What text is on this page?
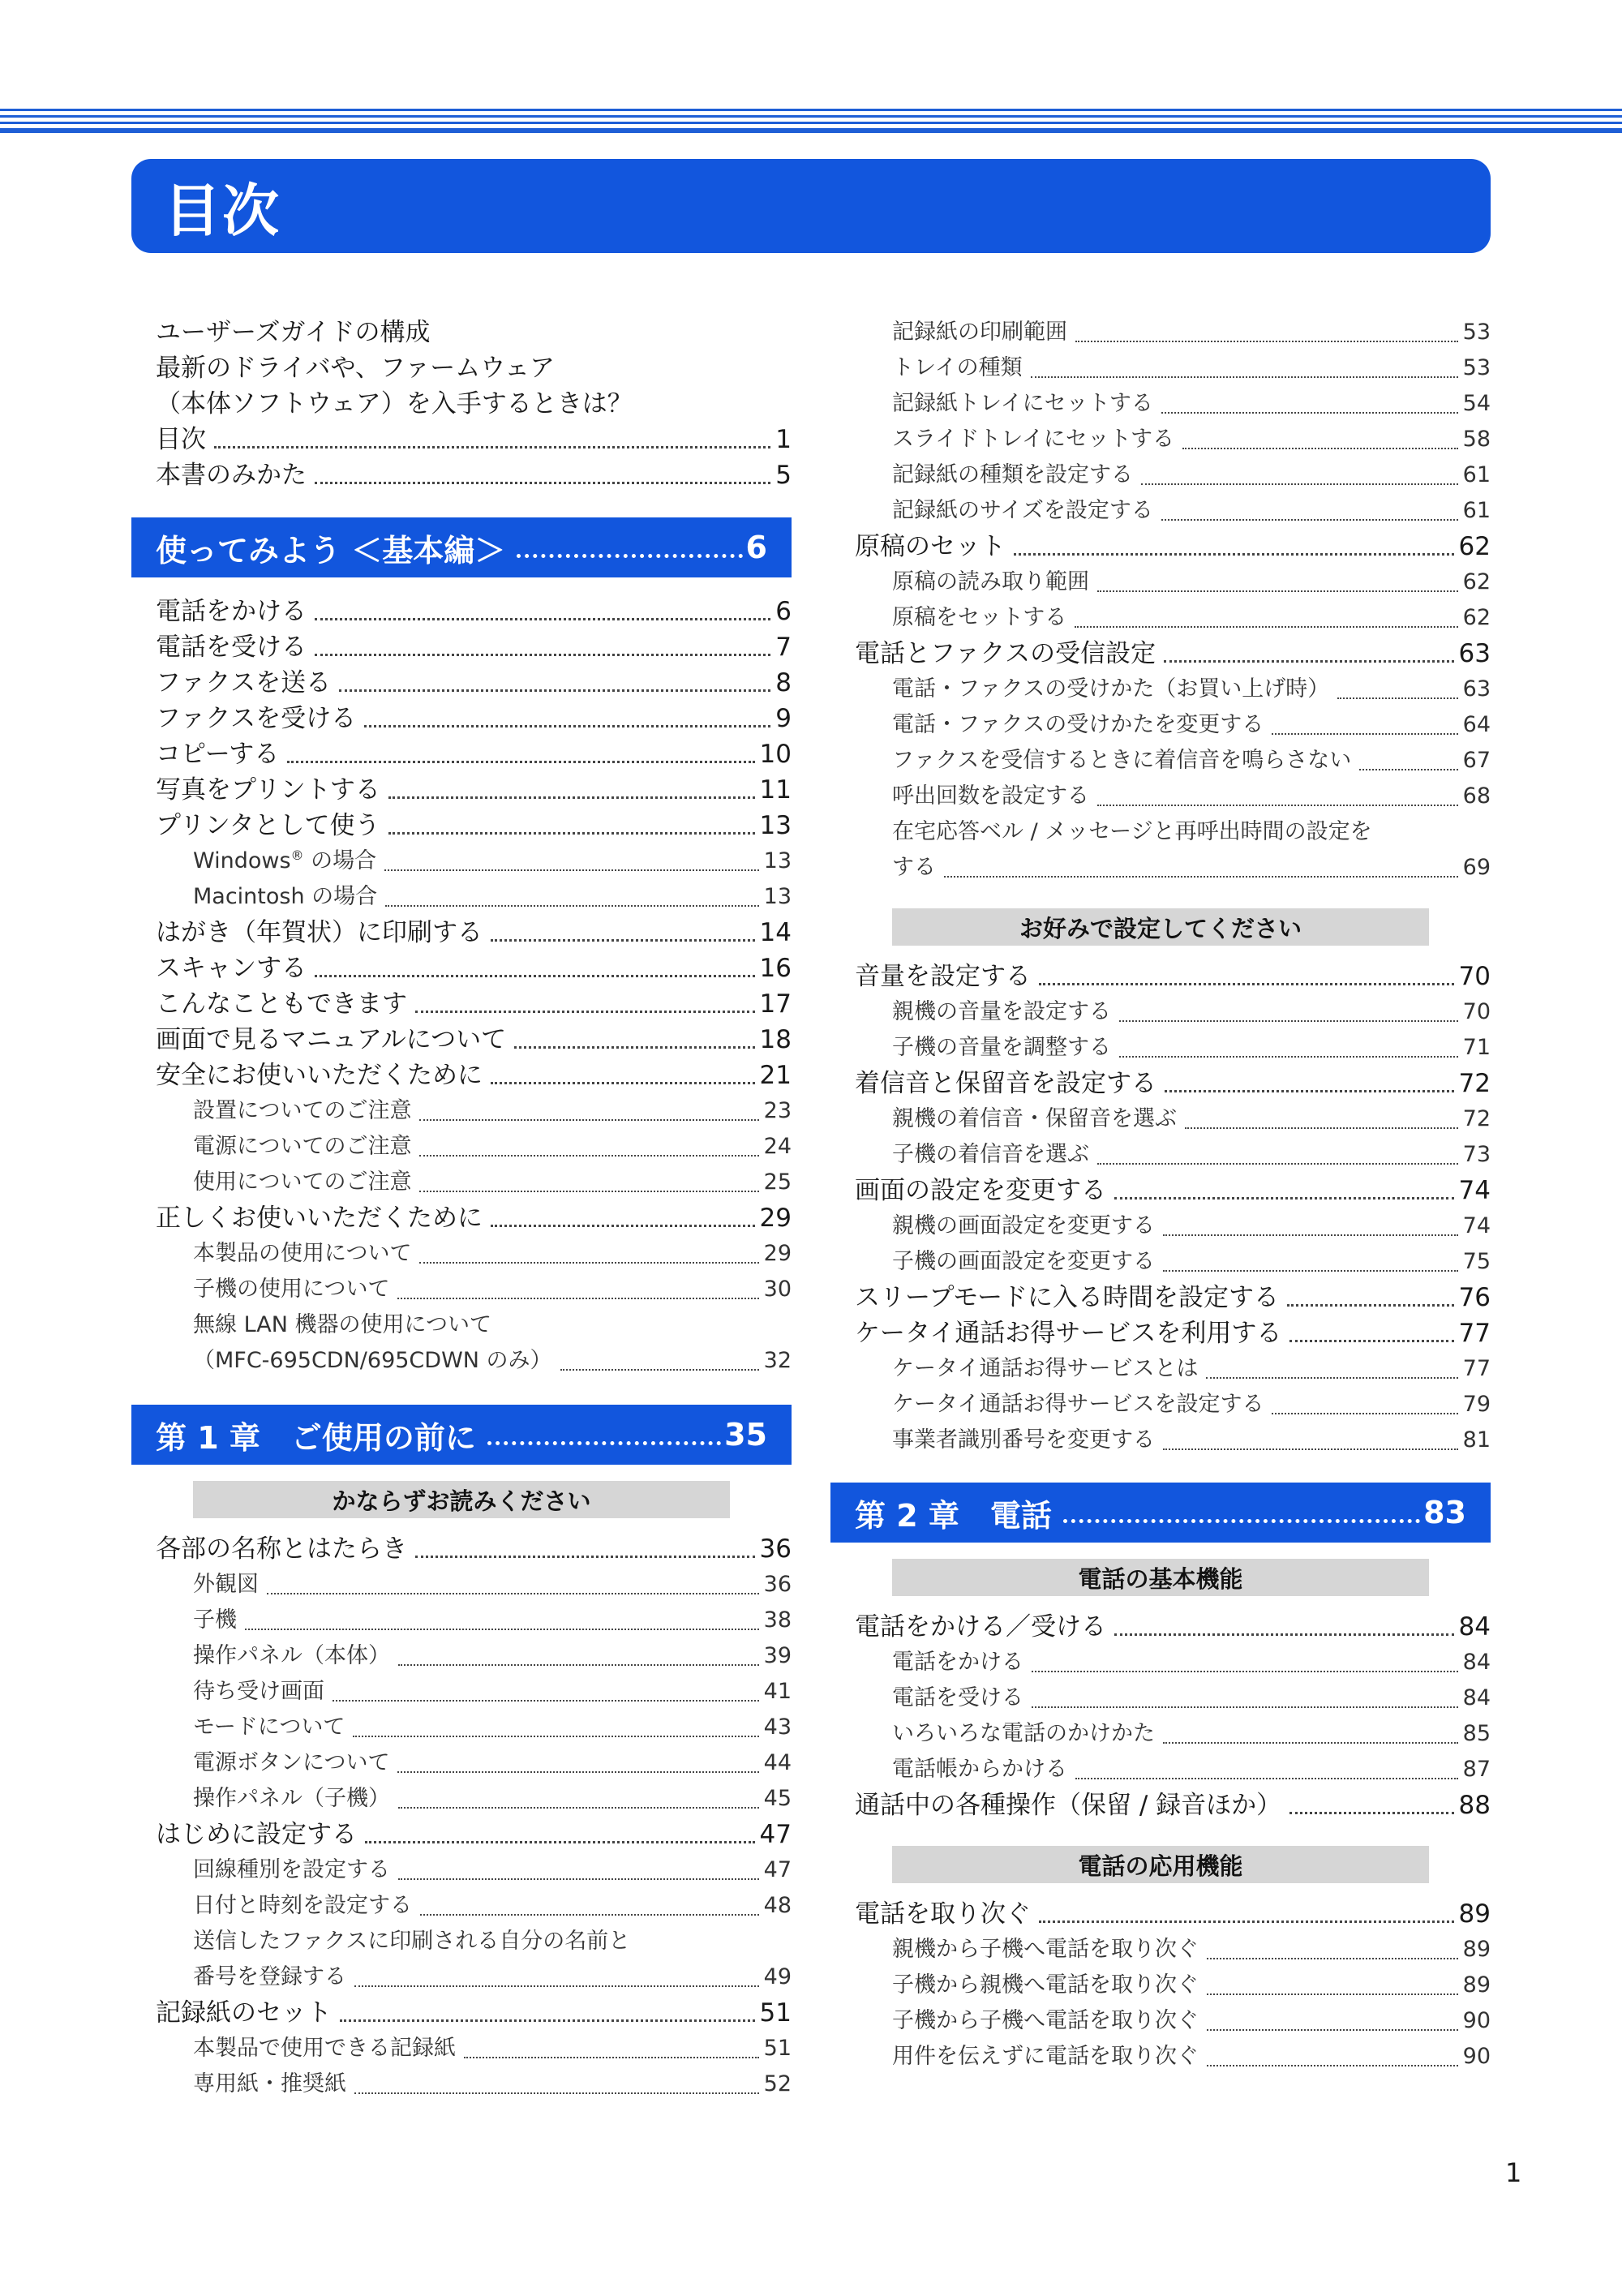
目次
ユーザーズガイドの構成
最新のドライバや、ファームウェア
（本体ソフトウェア）を入手するときは？
目次	1
本書のみかた	5
使ってみよう ＜基本編＞	6
電話をかける	6
電話を受ける	7
ファクスを送る	8
ファクスを受ける	9
コピーする	10
写真をプリントする	11
プリンタとして使う	13
Windows® の場合	13
Macintosh の場合	13
はがき（年賀状）に印刷する	14
スキャンする	16
こんなこともできます	17
画面で見るマニュアルについて	18
安全にお使いいただくために	21
設置についてのご注意	23
電源についてのご注意	24
使用についてのご注意	25
正しくお使いいただくために	29
本製品の使用について	29
子機の使用について	30
無線 LAN 機器の使用について
（MFC-695CDN/695CDWN のみ）	32
第 1 章　ご使用の前に	35
かならずお読みください
各部の名称とはたらき	36
外観図	36
子機	38
操作パネル（本体）	39
待ち受け画面	41
モードについて	43
電源ボタンについて	44
操作パネル（子機）	45
はじめに設定する	47
回線種別を設定する	47
日付と時刻を設定する	48
送信したファクスに印刷される自分の名前と
番号を登録する	49
記録紙のセット	51
本製品で使用できる記録紙	51
専用紙・推奨紙	52
記録紙の印刷範囲	53
トレイの種類	53
記録紙トレイにセットする	54
スライドトレイにセットする	58
記録紙の種類を設定する	61
記録紙のサイズを設定する	61
原稿のセット	62
原稿の読み取り範囲	62
原稿をセットする	62
電話とファクスの受信設定	63
電話・ファクスの受けかた（お買い上げ時）	63
電話・ファクスの受けかたを変更する	64
ファクスを受信するときに着信音を鳴らさない	67
呼出回数を設定する	68
在宅応答ベル / メッセージと再呼出時間の設定を
する	69
お好みで設定してください
音量を設定する	70
親機の音量を設定する	70
子機の音量を調整する	71
着信音と保留音を設定する	72
親機の着信音・保留音を選ぶ	72
子機の着信音を選ぶ	73
画面の設定を変更する	74
親機の画面設定を変更する	74
子機の画面設定を変更する	75
スリープモードに入る時間を設定する	76
ケータイ通話お得サービスを利用する	77
ケータイ通話お得サービスとは	77
ケータイ通話お得サービスを設定する	79
事業者識別番号を変更する	81
第 2 章　電話	83
電話の基本機能
電話をかける／受ける	84
電話をかける	84
電話を受ける	84
いろいろな電話のかけかた	85
電話帳からかける	87
通話中の各種操作（保留 / 録音ほか）	88
電話の応用機能
電話を取り次ぐ	89
親機から子機へ電話を取り次ぐ	89
子機から親機へ電話を取り次ぐ	89
子機から子機へ電話を取り次ぐ	90
用件を伝えずに電話を取り次ぐ	90
1
